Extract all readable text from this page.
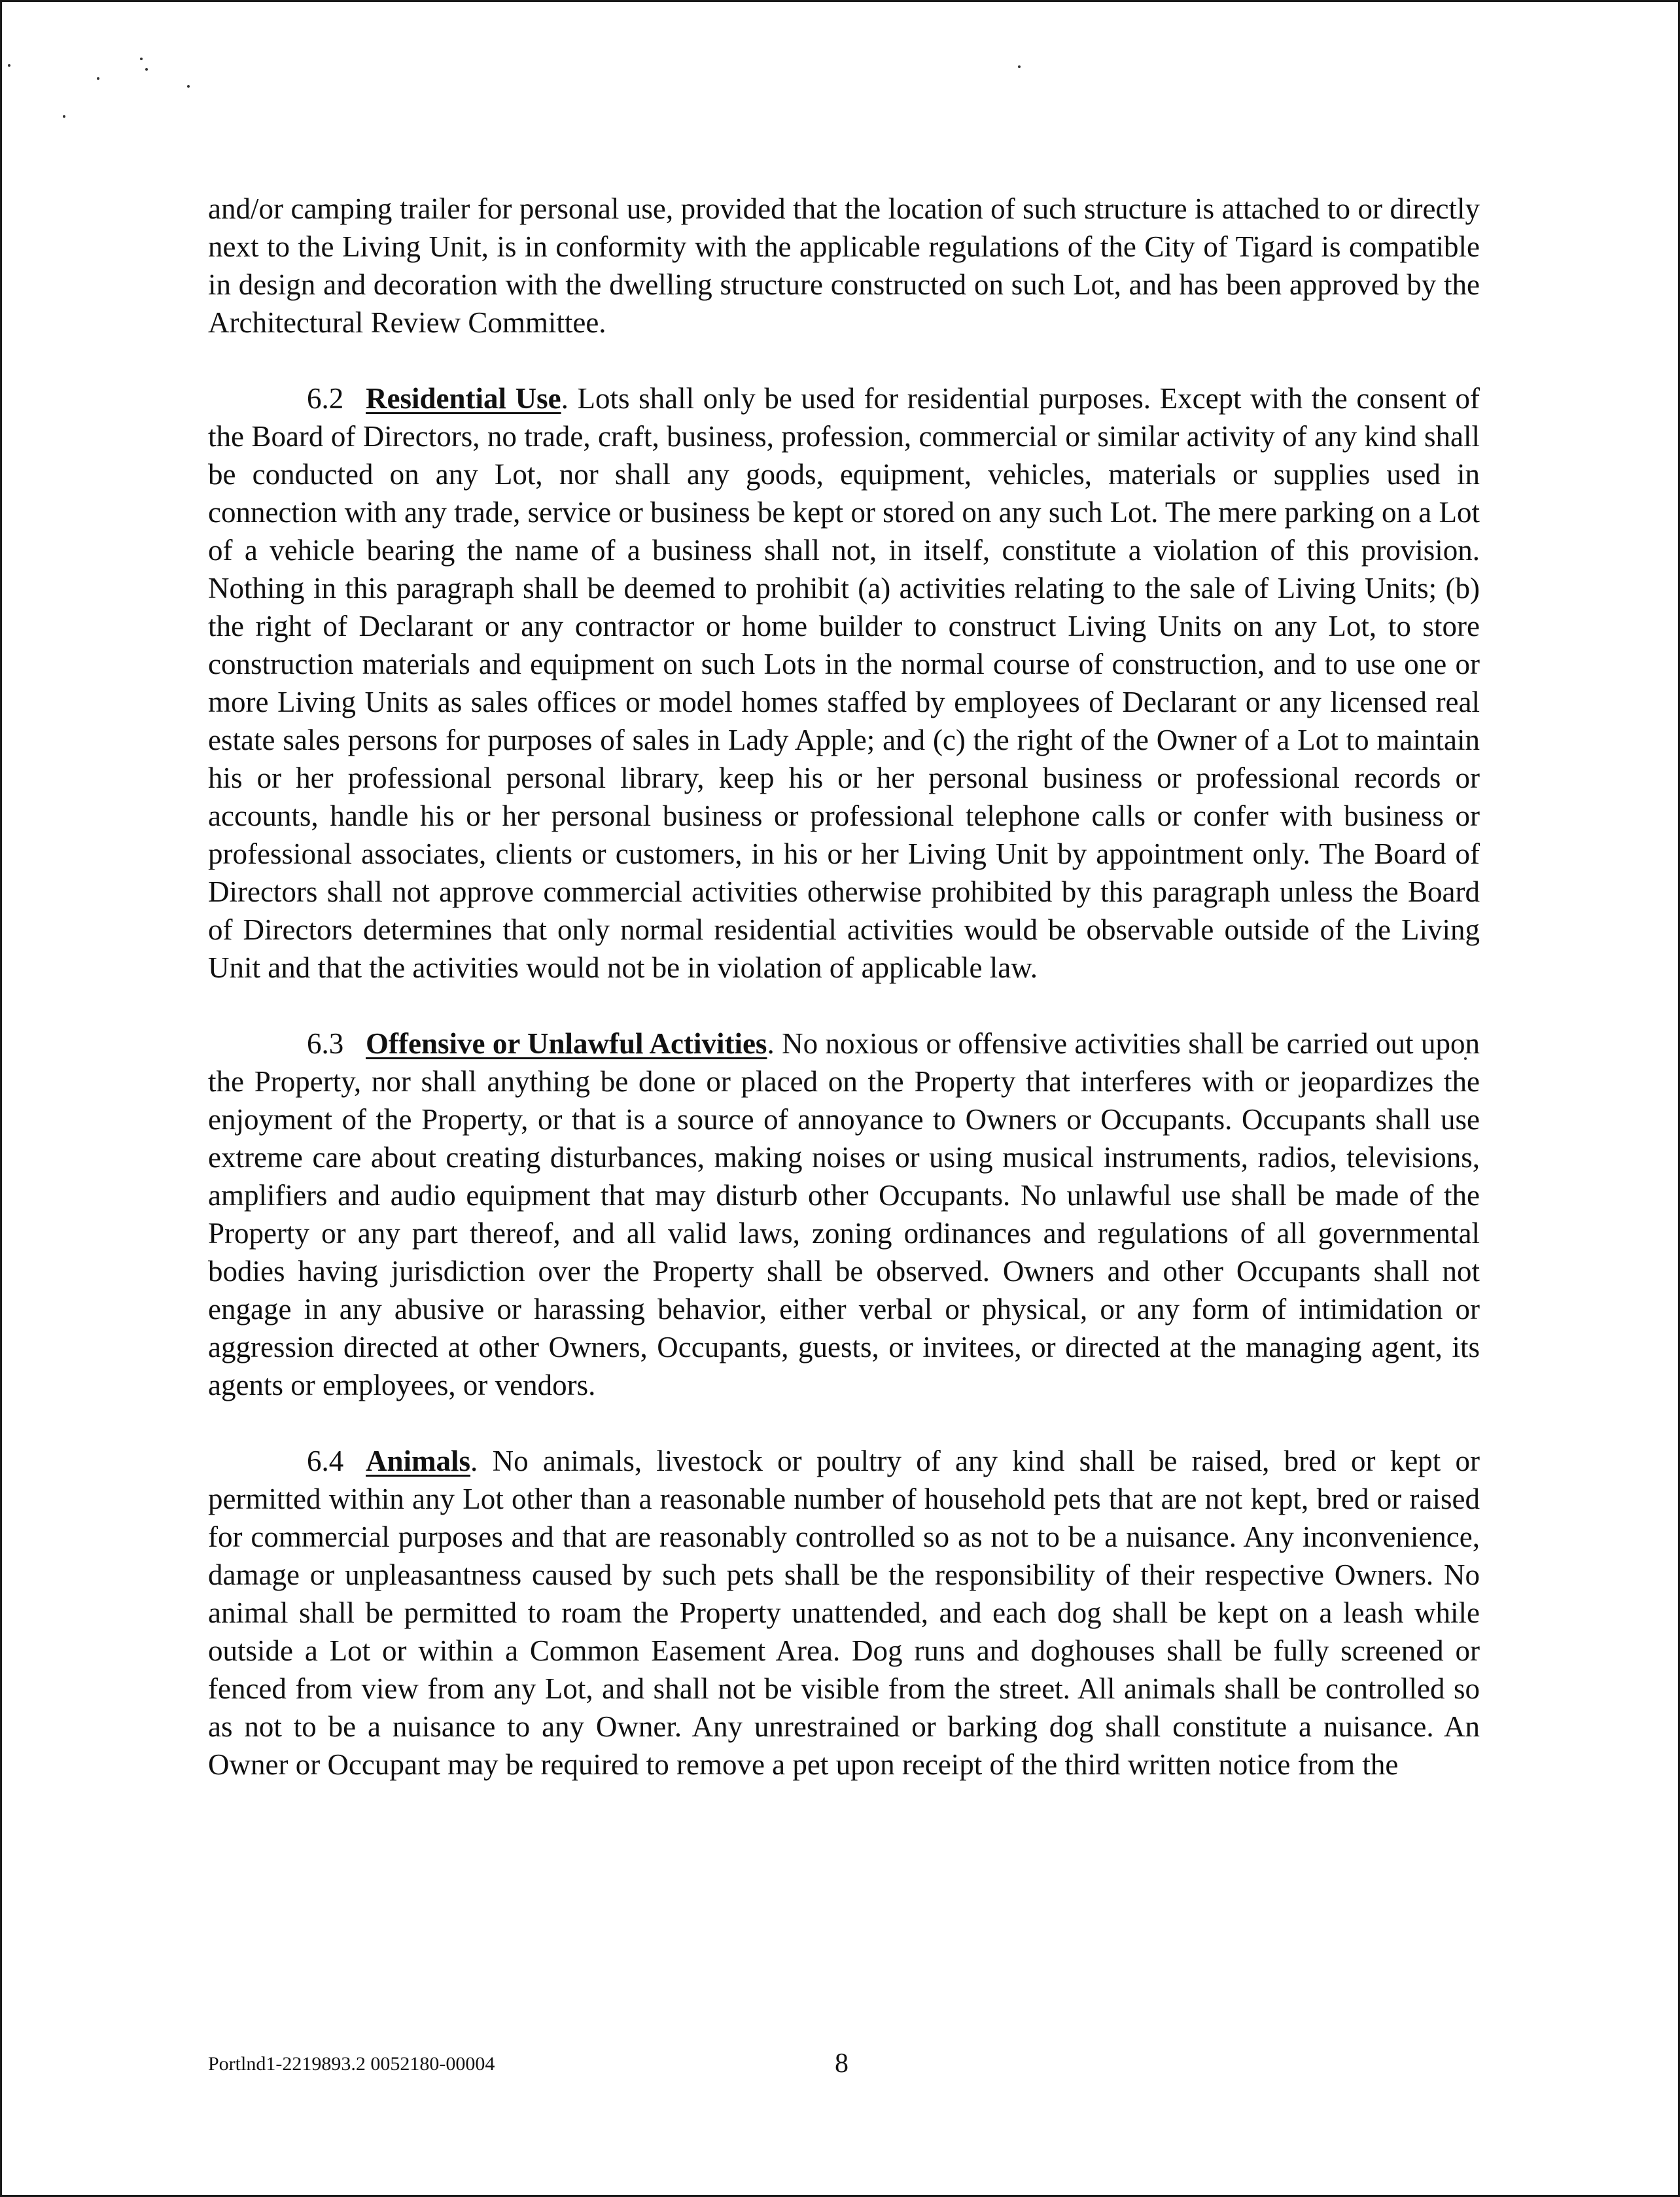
and/or camping trailer for personal use, provided that the location of such structure is attached to or directly next to the Living Unit, is in conformity with the applicable regulations of the City of Tigard is compatible in design and decoration with the dwelling structure constructed on such Lot, and has been approved by the Architectural Review Committee.

6.2 Residential Use. Lots shall only be used for residential purposes. Except with the consent of the Board of Directors, no trade, craft, business, profession, commercial or similar activity of any kind shall be conducted on any Lot, nor shall any goods, equipment, vehicles, materials or supplies used in connection with any trade, service or business be kept or stored on any such Lot. The mere parking on a Lot of a vehicle bearing the name of a business shall not, in itself, constitute a violation of this provision. Nothing in this paragraph shall be deemed to prohibit (a) activities relating to the sale of Living Units; (b) the right of Declarant or any contractor or home builder to construct Living Units on any Lot, to store construction materials and equipment on such Lots in the normal course of construction, and to use one or more Living Units as sales offices or model homes staffed by employees of Declarant or any licensed real estate sales persons for purposes of sales in Lady Apple; and (c) the right of the Owner of a Lot to maintain his or her professional personal library, keep his or her personal business or professional records or accounts, handle his or her personal business or professional telephone calls or confer with business or professional associates, clients or customers, in his or her Living Unit by appointment only. The Board of Directors shall not approve commercial activities otherwise prohibited by this paragraph unless the Board of Directors determines that only normal residential activities would be observable outside of the Living Unit and that the activities would not be in violation of applicable law.

6.3 Offensive or Unlawful Activities. No noxious or offensive activities shall be carried out upon the Property, nor shall anything be done or placed on the Property that interferes with or jeopardizes the enjoyment of the Property, or that is a source of annoyance to Owners or Occupants. Occupants shall use extreme care about creating disturbances, making noises or using musical instruments, radios, televisions, amplifiers and audio equipment that may disturb other Occupants. No unlawful use shall be made of the Property or any part thereof, and all valid laws, zoning ordinances and regulations of all governmental bodies having jurisdiction over the Property shall be observed. Owners and other Occupants shall not engage in any abusive or harassing behavior, either verbal or physical, or any form of intimidation or aggression directed at other Owners, Occupants, guests, or invitees, or directed at the managing agent, its agents or employees, or vendors.

6.4 Animals. No animals, livestock or poultry of any kind shall be raised, bred or kept or permitted within any Lot other than a reasonable number of household pets that are not kept, bred or raised for commercial purposes and that are reasonably controlled so as not to be a nuisance. Any inconvenience, damage or unpleasantness caused by such pets shall be the responsibility of their respective Owners. No animal shall be permitted to roam the Property unattended, and each dog shall be kept on a leash while outside a Lot or within a Common Easement Area. Dog runs and doghouses shall be fully screened or fenced from view from any Lot, and shall not be visible from the street. All animals shall be controlled so as not to be a nuisance to any Owner. Any unrestrained or barking dog shall constitute a nuisance. An Owner or Occupant may be required to remove a pet upon receipt of the third written notice from the

Portlnd1-2219893.2 0052180-00004	8
